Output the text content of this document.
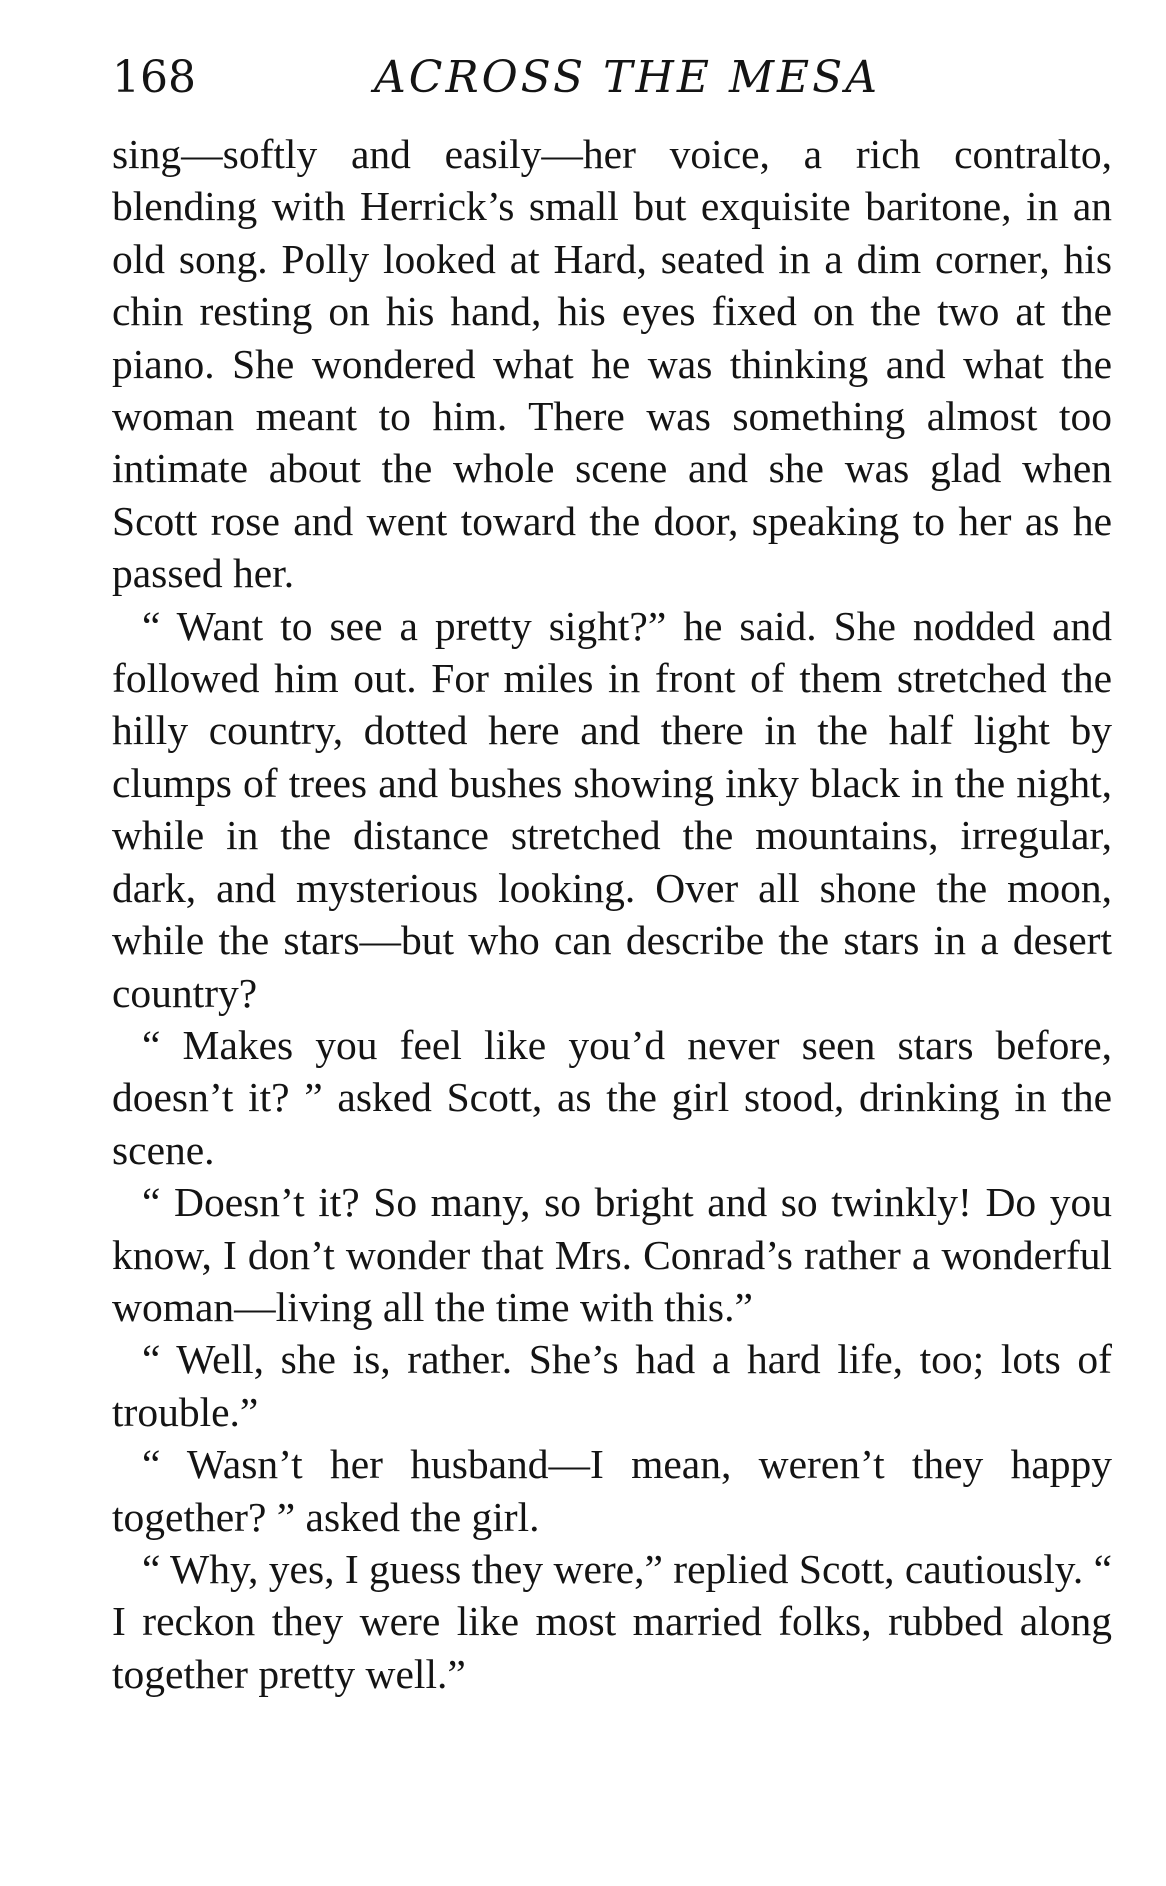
168	ACROSS THE MESA

sing—softly and easily—her voice, a rich contralto, blending with Herrick’s small but exquisite baritone, in an old song. Polly looked at Hard, seated in a dim corner, his chin resting on his hand, his eyes fixed on the two at the piano. She wondered what he was thinking and what the woman meant to him. There was something almost too intimate about the whole scene and she was glad when Scott rose and went toward the door, speaking to her as he passed her.

“ Want to see a pretty sight?” he said. She nodded and followed him out. For miles in front of them stretched the hilly country, dotted here and there in the half light by clumps of trees and bushes showing inky black in the night, while in the distance stretched the mountains, irregular, dark, and mysterious looking. Over all shone the moon, while the stars—but who can describe the stars in a desert country?

“ Makes you feel like you’d never seen stars before, doesn’t it? ” asked Scott, as the girl stood, drinking in the scene.

“ Doesn’t it? So many, so bright and so twinkly! Do you know, I don’t wonder that Mrs. Conrad’s rather a wonderful woman—living all the time with this.”

“ Well, she is, rather. She’s had a hard life, too; lots of trouble.”

“ Wasn’t her husband—I mean, weren’t they happy together? ” asked the girl.

“ Why, yes, I guess they were,” replied Scott, cautiously. “ I reckon they were like most married folks, rubbed along together pretty well.”
